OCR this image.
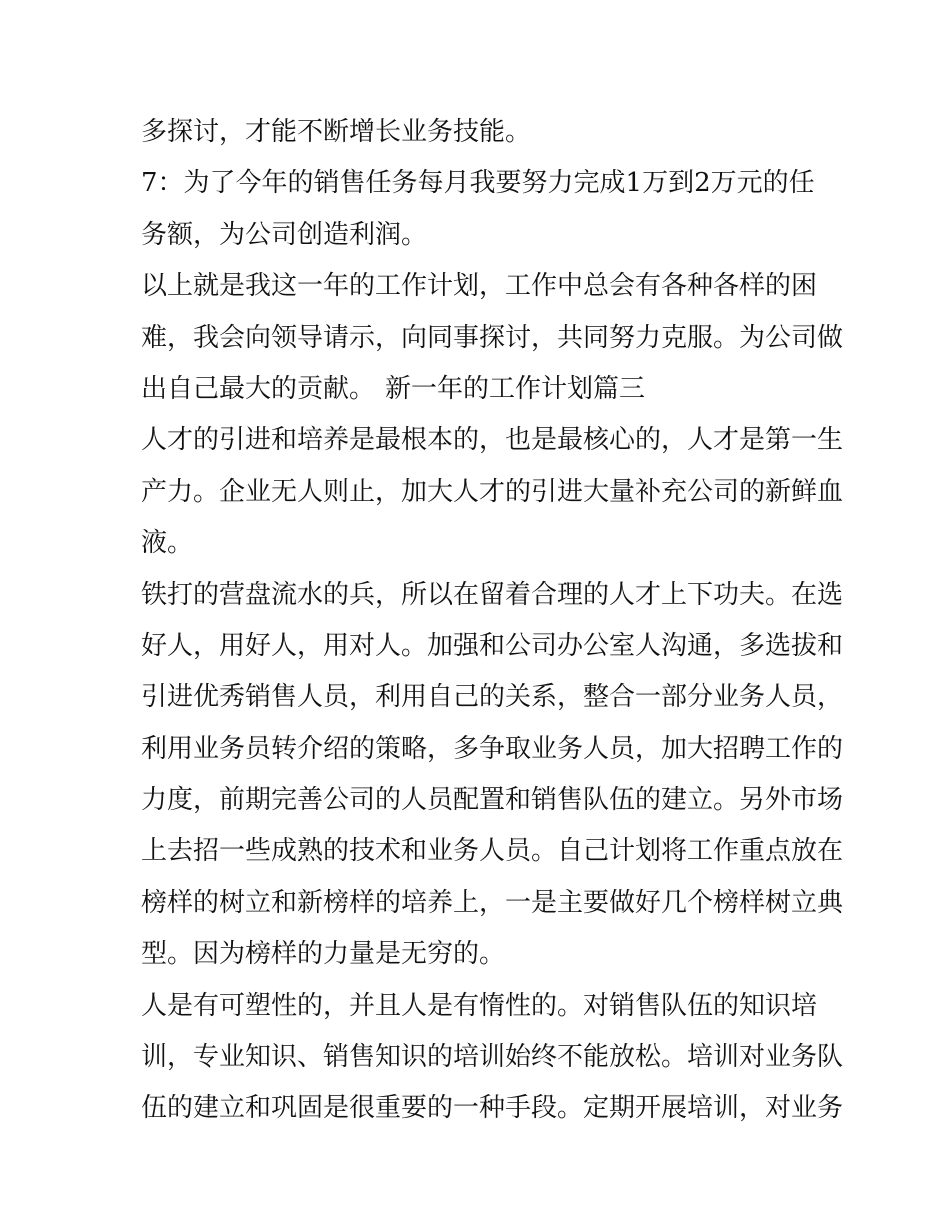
多探讨，才能不断增长业务技能。
7：为了今年的销售任务每月我要努力完成1万到2万元的任
务额，为公司创造利润。
以上就是我这一年的工作计划，工作中总会有各种各样的困
难，我会向领导请示，向同事探讨，共同努力克服。为公司做
出自己最大的贡献。 新一年的工作计划篇三
人才的引进和培养是最根本的，也是最核心的，人才是第一生
产力。企业无人则止，加大人才的引进大量补充公司的新鲜血
液。
铁打的营盘流水的兵，所以在留着合理的人才上下功夫。在选
好人，用好人，用对人。加强和公司办公室人沟通，多选拔和
引进优秀销售人员，利用自己的关系，整合一部分业务人员，
利用业务员转介绍的策略，多争取业务人员，加大招聘工作的
力度，前期完善公司的人员配置和销售队伍的建立。另外市场
上去招一些成熟的技术和业务人员。自己计划将工作重点放在
榜样的树立和新榜样的培养上，一是主要做好几个榜样树立典
型。因为榜样的力量是无穷的。
人是有可塑性的，并且人是有惰性的。对销售队伍的知识培
训，专业知识、销售知识的培训始终不能放松。培训对业务队
伍的建立和巩固是很重要的一种手段。定期开展培训，对业务
